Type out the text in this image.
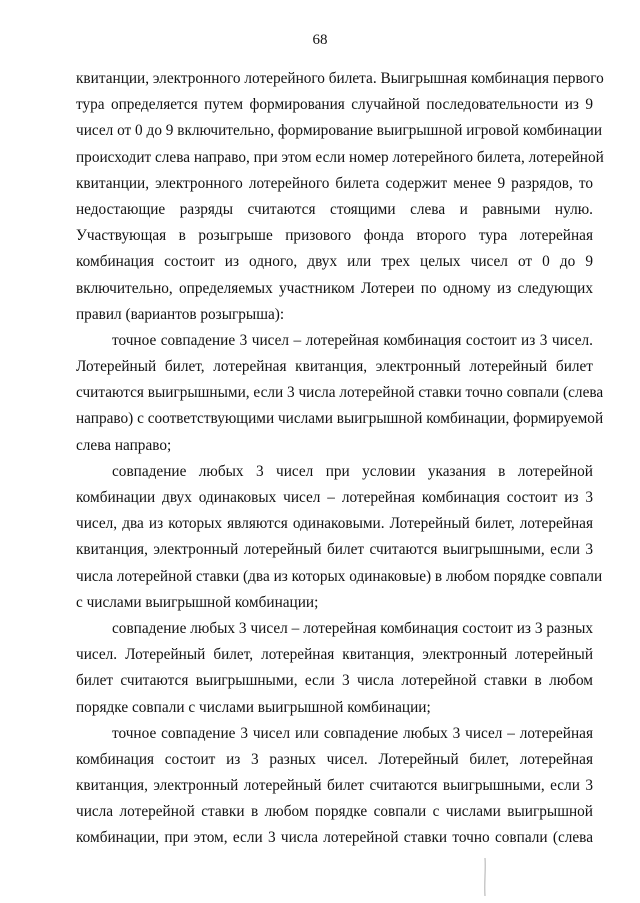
68
квитанции, электронного лотерейного билета. Выигрышная комбинация первого
тура определяется путем формирования случайной последовательности из 9
чисел от 0 до 9 включительно, формирование выигрышной игровой комбинации
происходит слева направо, при этом если номер лотерейного билета, лотерейной
квитанции, электронного лотерейного билета содержит менее 9 разрядов, то
недостающие разряды считаются стоящими слева и равными нулю.
Участвующая в розыгрыше призового фонда второго тура лотерейная
комбинация состоит из одного, двух или трех целых чисел от 0 до 9
включительно, определяемых участником Лотереи по одному из следующих
правил (вариантов розыгрыша):
точное совпадение 3 чисел – лотерейная комбинация состоит из 3 чисел.
Лотерейный билет, лотерейная квитанция, электронный лотерейный билет
считаются выигрышными, если 3 числа лотерейной ставки точно совпали (слева
направо) с соответствующими числами выигрышной комбинации, формируемой
слева направо;
совпадение любых 3 чисел при условии указания в лотерейной
комбинации двух одинаковых чисел – лотерейная комбинация состоит из 3
чисел, два из которых являются одинаковыми. Лотерейный билет, лотерейная
квитанция, электронный лотерейный билет считаются выигрышными, если 3
числа лотерейной ставки (два из которых одинаковые) в любом порядке совпали
с числами выигрышной комбинации;
совпадение любых 3 чисел – лотерейная комбинация состоит из 3 разных
чисел. Лотерейный билет, лотерейная квитанция, электронный лотерейный
билет считаются выигрышными, если 3 числа лотерейной ставки в любом
порядке совпали с числами выигрышной комбинации;
точное совпадение 3 чисел или совпадение любых 3 чисел – лотерейная
комбинация состоит из 3 разных чисел. Лотерейный билет, лотерейная
квитанция, электронный лотерейный билет считаются выигрышными, если 3
числа лотерейной ставки в любом порядке совпали с числами выигрышной
комбинации, при этом, если 3 числа лотерейной ставки точно совпали (слева
